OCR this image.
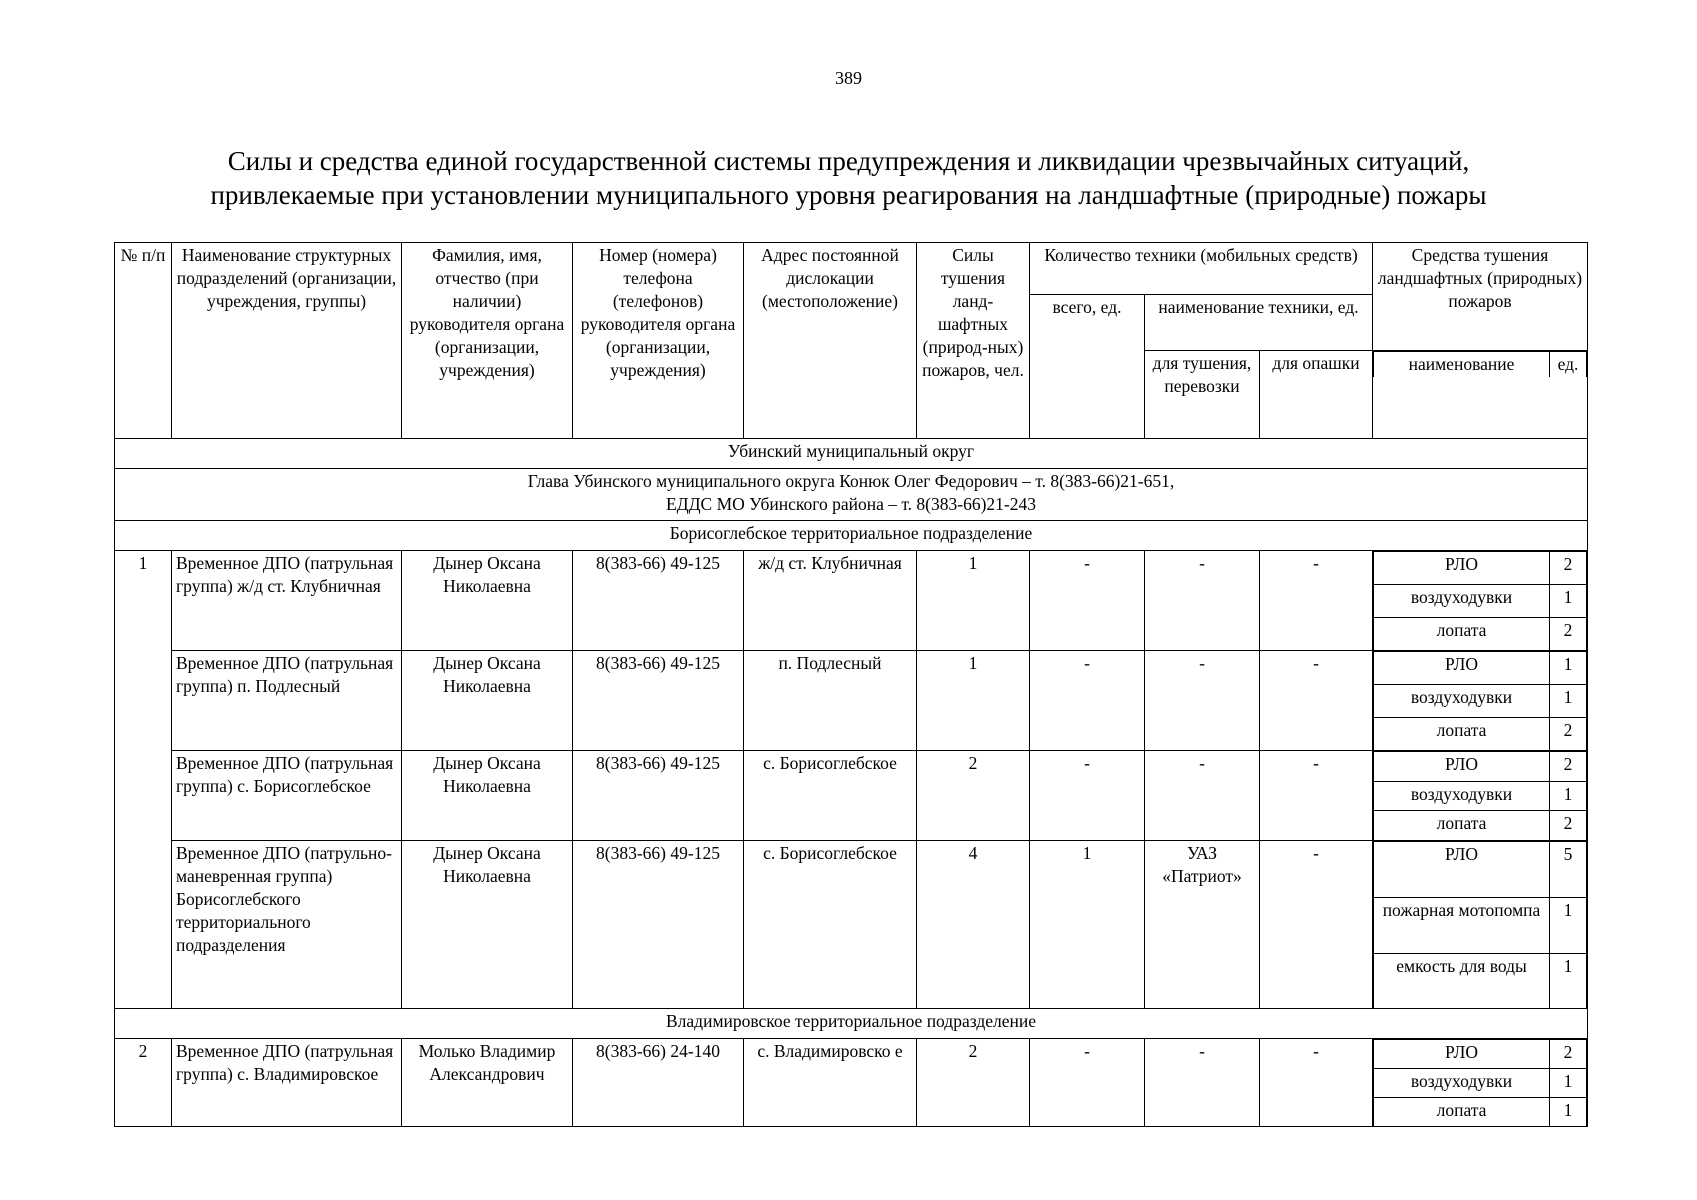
389
Силы и средства единой государственной системы предупреждения и ликвидации чрезвычайных ситуаций,
привлекаемые при установлении муниципального уровня реагирования на ландшафтные (природные) пожары
№ п/п	Наименование структурных подразделений (организации, учреждения, группы)	Фамилия, имя, отчество (при наличии) руководителя органа (организации, учреждения)	Номер (номера) телефона (телефонов) руководителя органа (организации, учреждения)	Адрес постоянной дислокации (местоположение)	Силы тушения ланд-шафтных (природ-ных) пожаров, чел.	Количество техники (мобильных средств)	Средства тушения ландшафтных (природных) пожаров
всего, ед.	наименование техники, ед.
для тушения, перевозки	для опашки		наименование	ед.

Убинский муниципальный округ

Глава Убинского муниципального округа Конюк Олег Федорович – т. 8(383-66)21-651,
ЕДДС МО Убинского района – т. 8(383-66)21-243

Борисоглебское территориальное подразделение
1	Временное ДПО (патрульная группа) ж/д ст. Клубничная	Дынер Оксана Николаевна	8(383-66) 49-125	ж/д ст. Клубничная	1	-	-	-		РЛО	2
воздуходувки	1
лопата	2

Временное ДПО (патрульная группа) п. Подлесный	Дынер Оксана Николаевна	8(383-66) 49-125	п. Подлесный	1	-	-	-		РЛО	1
воздуходувки	1
лопата	2

Временное ДПО (патрульная группа) с. Борисоглебское	Дынер Оксана Николаевна	8(383-66) 49-125	с. Борисоглебское	2	-	-	-		РЛО	2
воздуходувки	1
лопата	2

Временное ДПО (патрульно-маневренная группа) Борисоглебского территориального подразделения	Дынер Оксана Николаевна	8(383-66) 49-125	с. Борисоглебское	4	1	УАЗ «Патриот»	-		РЛО	5
пожарная мотопомпа	1
емкость для воды	1

Владимировское территориальное подразделение
2	Временное ДПО (патрульная группа) с. Владимировское	Молько Владимир Александрович	8(383-66) 24-140	с. Владимировско е	2	-	-	-		РЛО	2
воздуходувки	1
лопата	1
